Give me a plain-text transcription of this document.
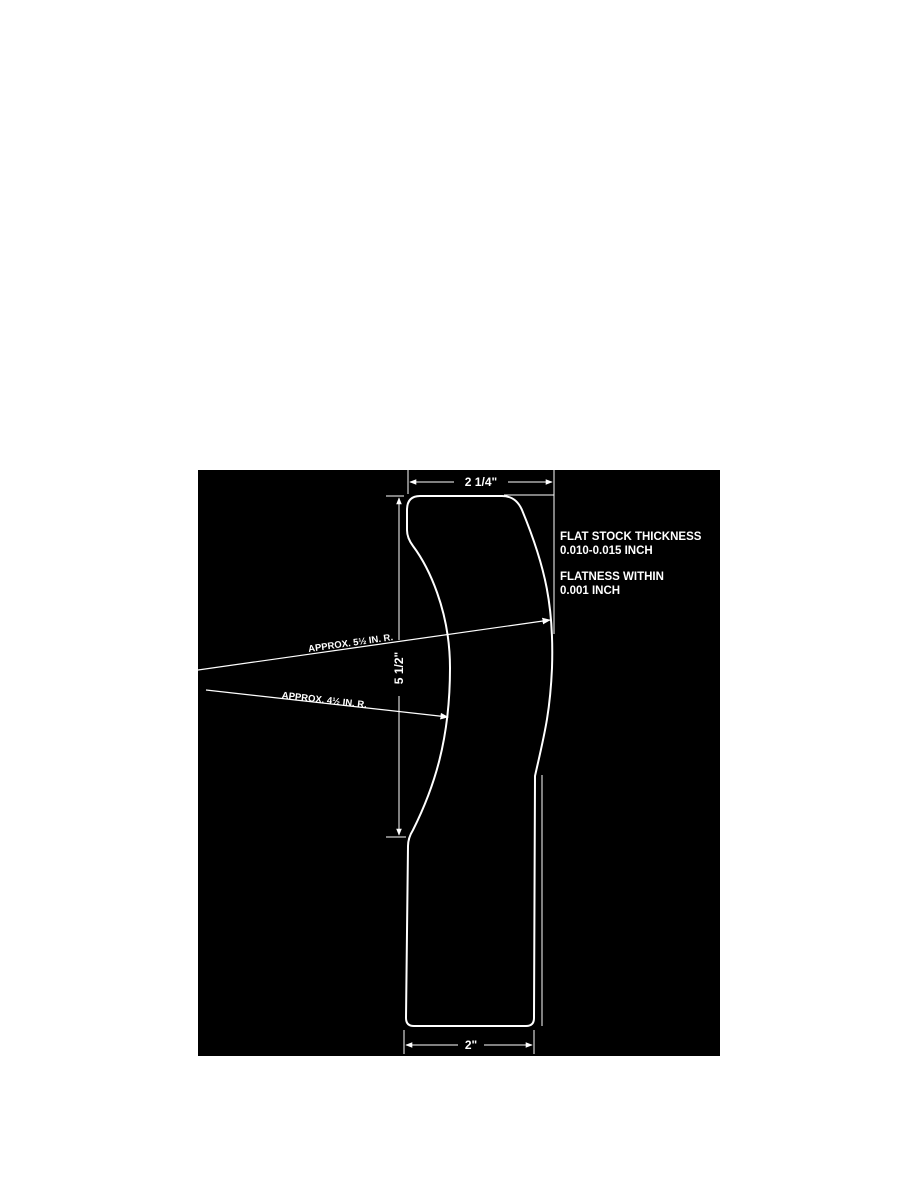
2 1/4"
2"
5 1/2"
APPROX. 5½ IN. R.
APPROX. 4½ IN. R.
FLAT STOCK THICKNESS
0.010-0.015 INCH
FLATNESS WITHIN
0.001 INCH
